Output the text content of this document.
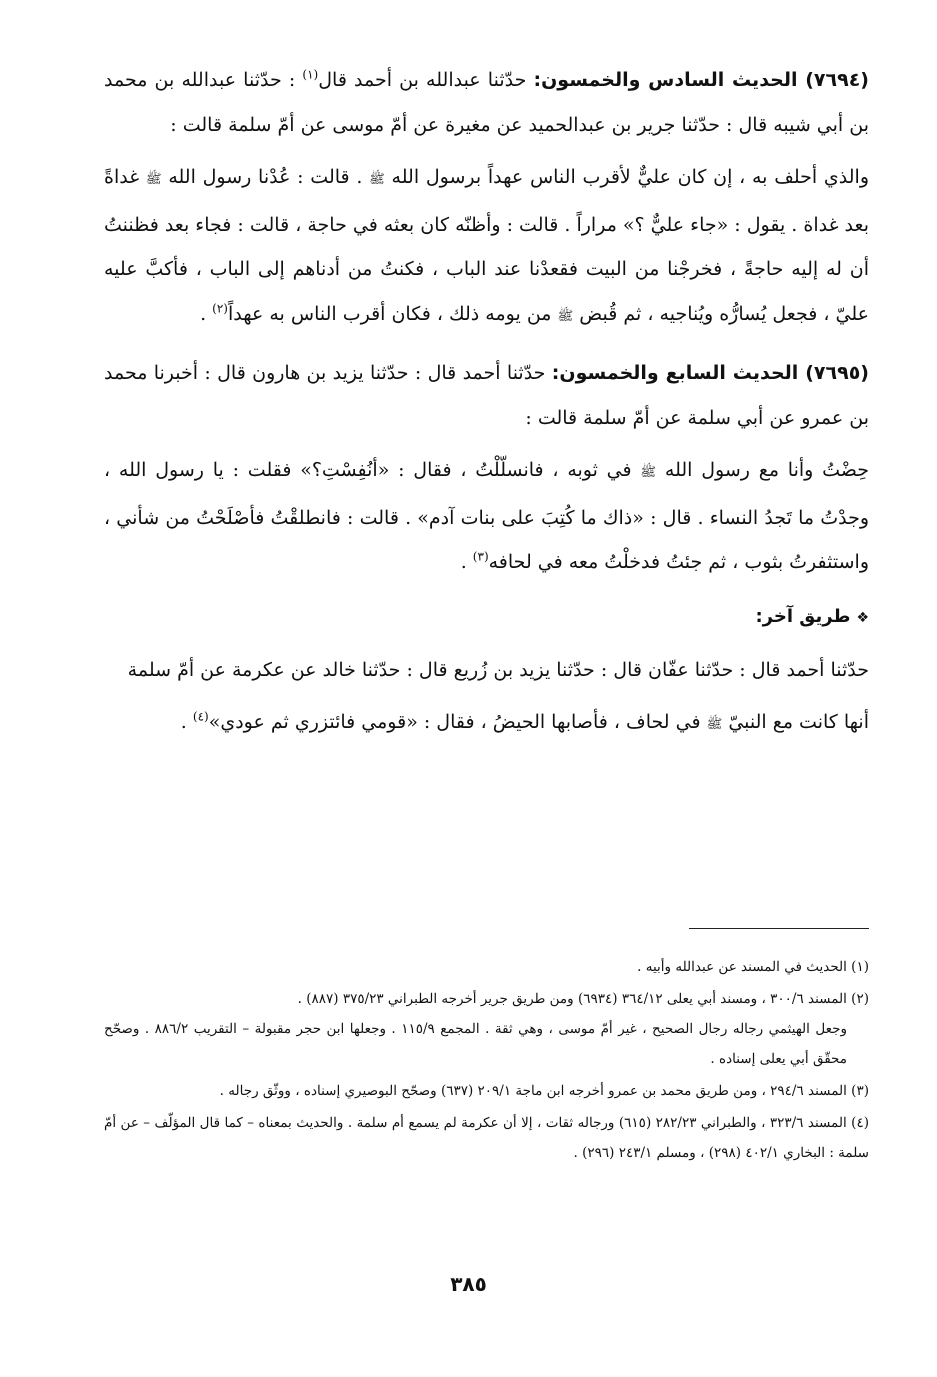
(٧٦٩٤) الحديث السادس والخمسون: حدّثنا عبدالله بن أحمد قال$^{(١)}$ : حدّثنا عبدالله بن محمد بن أبي شيبه قال : حدّثنا جرير بن عبدالحميد عن مغيرة عن أمّ موسى عن أمّ سلمة قالت :

والذي أحلف به ، إن كان عليٌّ لأقرب الناس عهداً برسول الله ﷺ . قالت : عُدْنا رسول الله ﷺ غداةً بعد غداة . يقول : «جاء عليٌّ ؟» مراراً . قالت : وأظنّه كان بعثه في حاجة ، قالت : فجاء بعد فظننتُ أن له إليه حاجةً ، فخرجْنا من البيت فقعدْنا عند الباب ، فكنتُ من أدناهم إلى الباب ، فأكبَّ عليه عليّ ، فجعل يُسارُّه ويُناجيه ، ثم قُبض ﷺ من يومه ذلك ، فكان أقرب الناس به عهداً$^{(٢)}$ .

(٧٦٩٥) الحديث السابع والخمسون: حدّثنا أحمد قال : حدّثنا يزيد بن هارون قال : أخبرنا محمد بن عمرو عن أبي سلمة عن أمّ سلمة قالت :

حِضْتُ وأنا مع رسول الله ﷺ في ثوبه ، فانسلّلْتُ ، فقال : «أنُفِسْتِ؟» فقلت : يا رسول الله ، وجدْتُ ما تَجدُ النساء . قال : «ذاك ما كُتِبَ على بنات آدم» . قالت : فانطلقْتُ فأصْلَحْتُ من شأني ، واستثفرتُ بثوب ، ثم جئتُ فدخلْتُ معه في لحافه$^{(٣)}$ .

❖طريق آخر:

حدّثنا أحمد قال : حدّثنا عفّان قال : حدّثنا يزيد بن زُريع قال : حدّثنا خالد عن عكرمة عن أمّ سلمة

أنها كانت مع النبيّ ﷺ في لحاف ، فأصابها الحيضُ ، فقال : «قومي فائتزري ثم عودي»$^{(٤)}$ .

(١) الحديث في المسند عن عبدالله وأبيه .

(٢) المسند ٣٠٠/٦ ، ومسند أبي يعلى ٣٦٤/١٢ (٦٩٣٤) ومن طريق جرير أخرجه الطبراني ٣٧٥/٢٣ (٨٨٧) .
وجعل الهيثمي رجاله رجال الصحيح ، غير أمّ موسى ، وهي ثقة . المجمع ١١٥/٩ . وجعلها ابن حجر مقبولة – التقريب ٨٨٦/٢ . وصحّح محقّق أبي يعلى إسناده .

(٣) المسند ٢٩٤/٦ ، ومن طريق محمد بن عمرو أخرجه ابن ماجة ٢٠٩/١ (٦٣٧) وصحّح البوصيري إسناده ، ووثّق رجاله .

(٤) المسند ٣٢٣/٦ ، والطبراني ٢٨٢/٢٣ (٦١٥) ورجاله ثقات ، إلا أن عكرمة لم يسمع أم سلمة . والحديث بمعناه – كما قال المؤلّف – عن أمّ سلمة : البخاري ٤٠٢/١ (٢٩٨) ، ومسلم ٢٤٣/١ (٢٩٦) .

٣٨٥
